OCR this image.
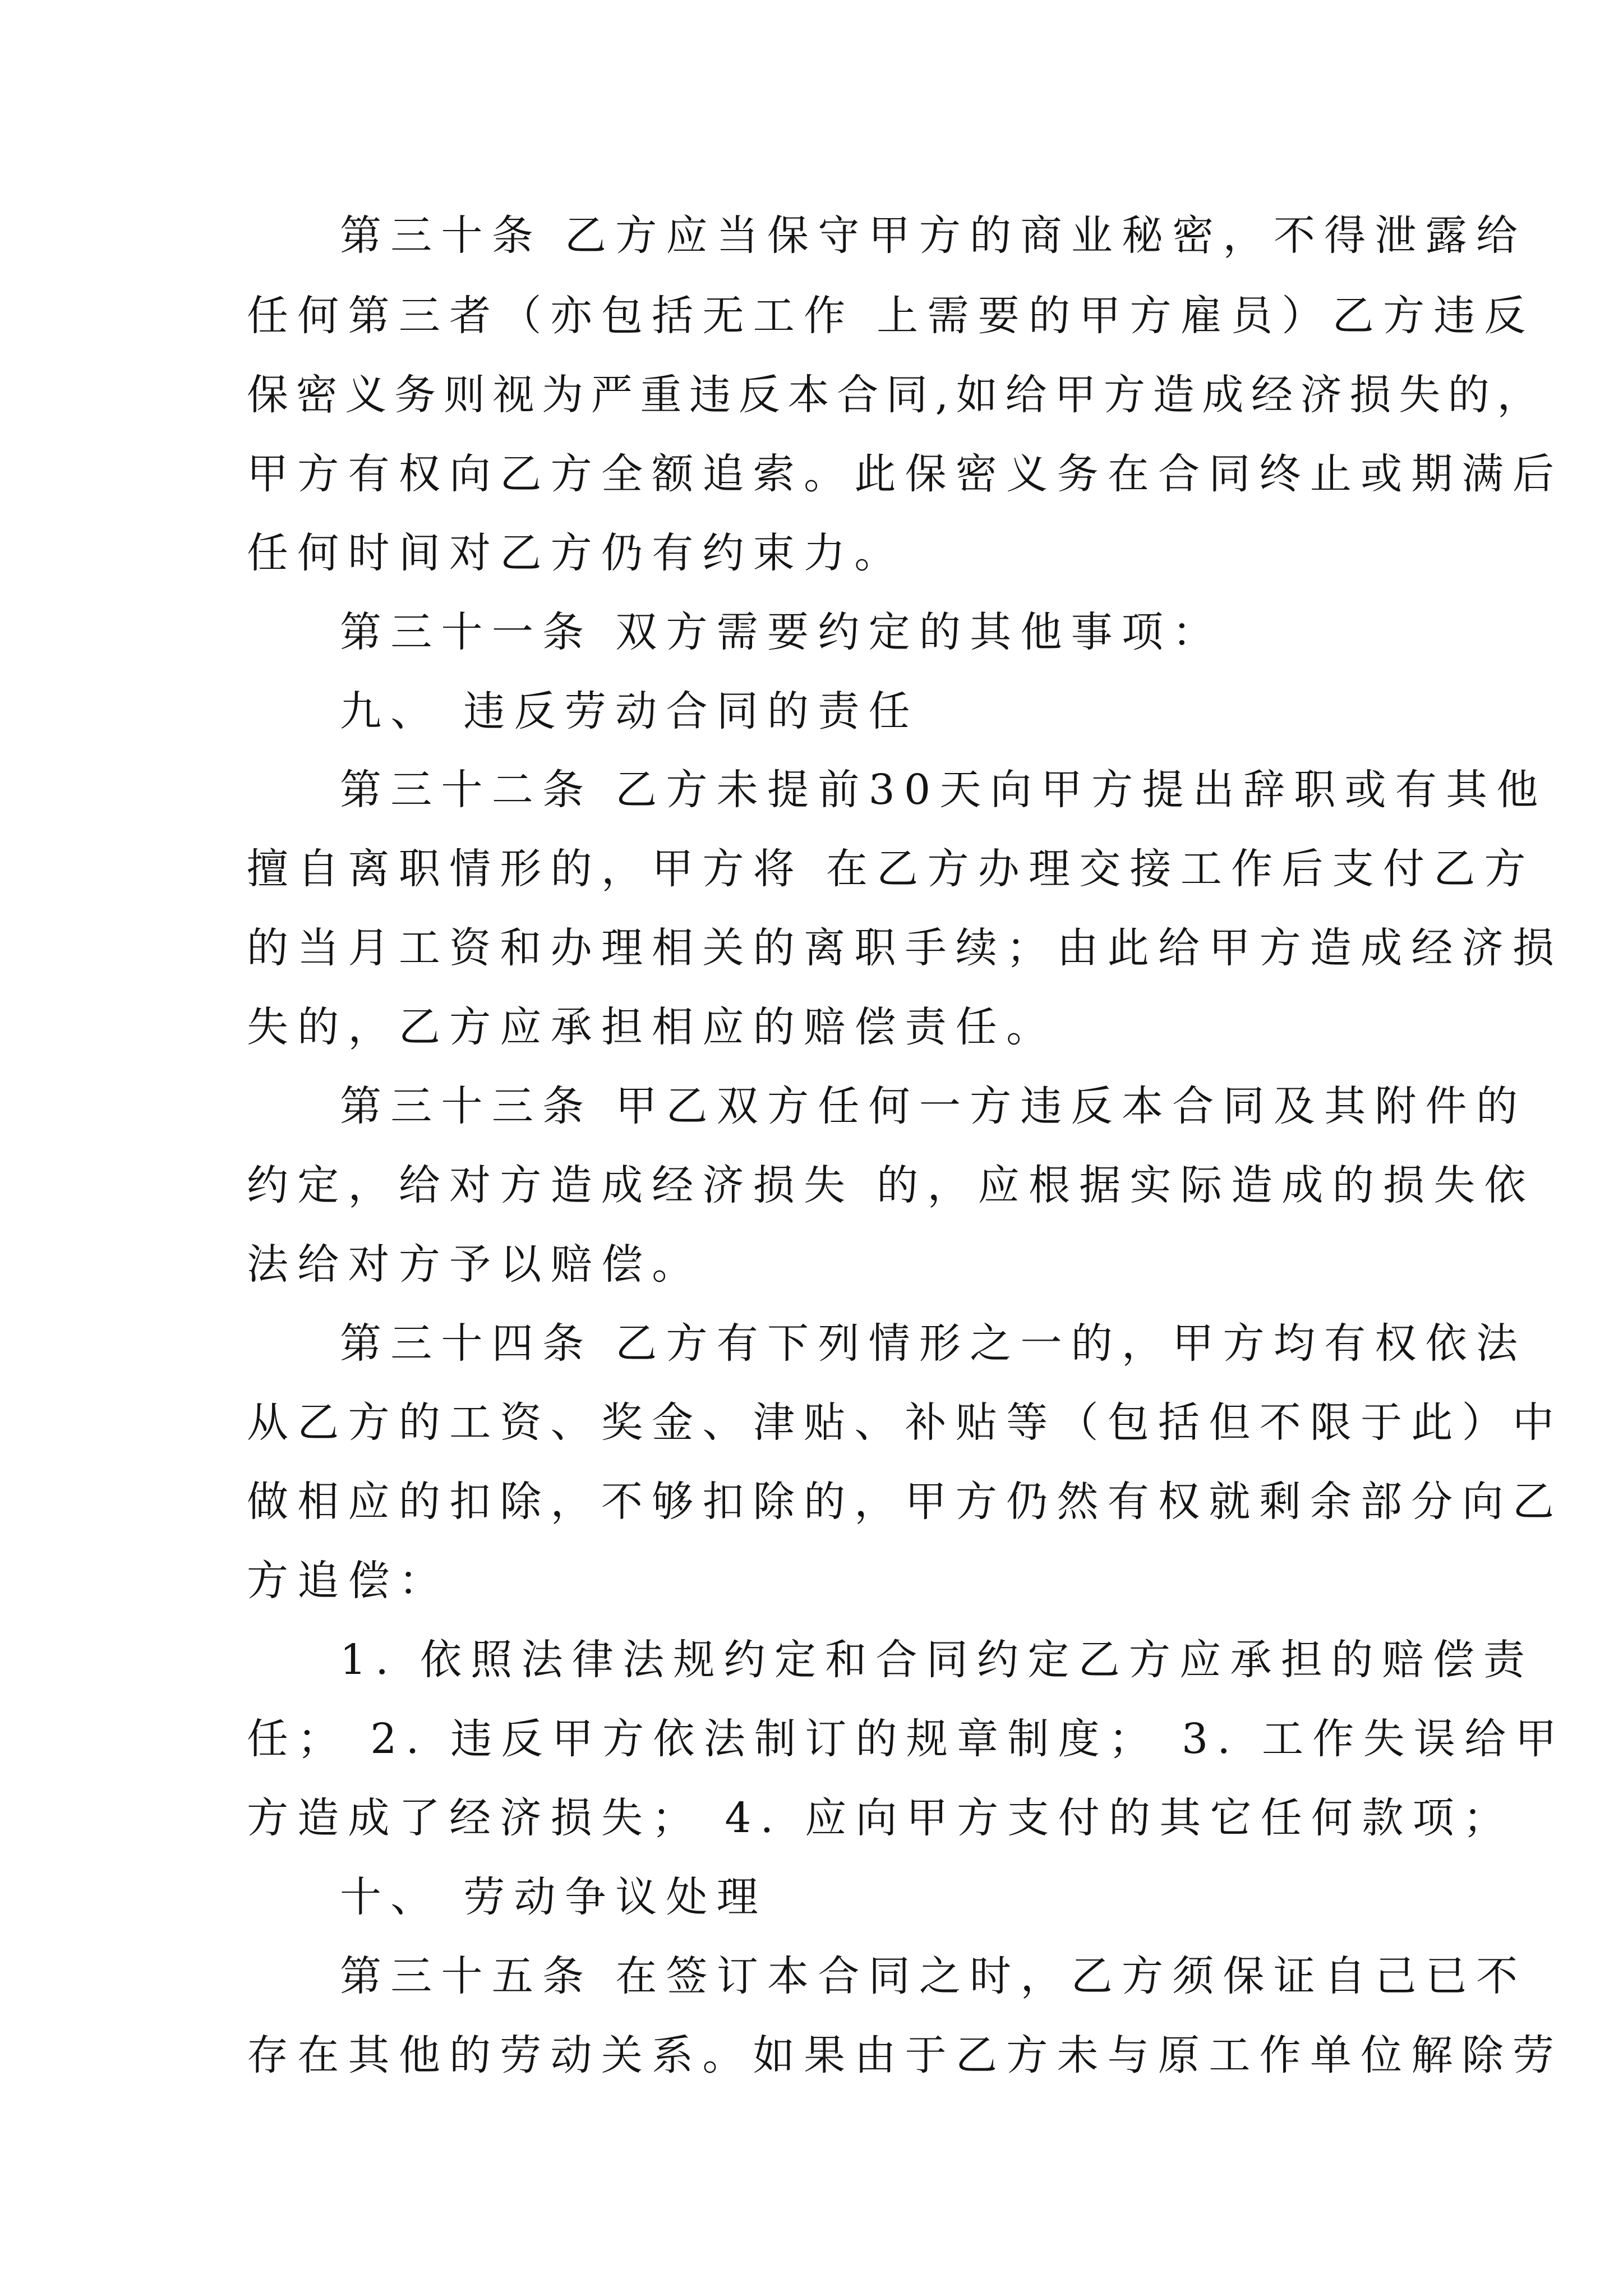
第三十条 乙方应当保守甲方的商业秘密，不得泄露给
任何第三者（亦包括无工作 上需要的甲方雇员）乙方违反
保密义务则视为严重违反本合同,如给甲方造成经济损失的，
甲方有权向乙方全额追索。此保密义务在合同终止或期满后
任何时间对乙方仍有约束力。
第三十一条 双方需要约定的其他事项：
九、 违反劳动合同的责任
第三十二条 乙方未提前30天向甲方提出辞职或有其他
擅自离职情形的，甲方将 在乙方办理交接工作后支付乙方
的当月工资和办理相关的离职手续；由此给甲方造成经济损
失的，乙方应承担相应的赔偿责任。
第三十三条 甲乙双方任何一方违反本合同及其附件的
约定，给对方造成经济损失 的，应根据实际造成的损失依
法给对方予以赔偿。
第三十四条 乙方有下列情形之一的，甲方均有权依法
从乙方的工资、奖金、津贴、补贴等（包括但不限于此）中
做相应的扣除，不够扣除的，甲方仍然有权就剩余部分向乙
方追偿：
1. 依照法律法规约定和合同约定乙方应承担的赔偿责
任； 2. 违反甲方依法制订的规章制度； 3. 工作失误给甲
方造成了经济损失； 4. 应向甲方支付的其它任何款项；
十、 劳动争议处理
第三十五条 在签订本合同之时，乙方须保证自己已不
存在其他的劳动关系。如果由于乙方未与原工作单位解除劳
